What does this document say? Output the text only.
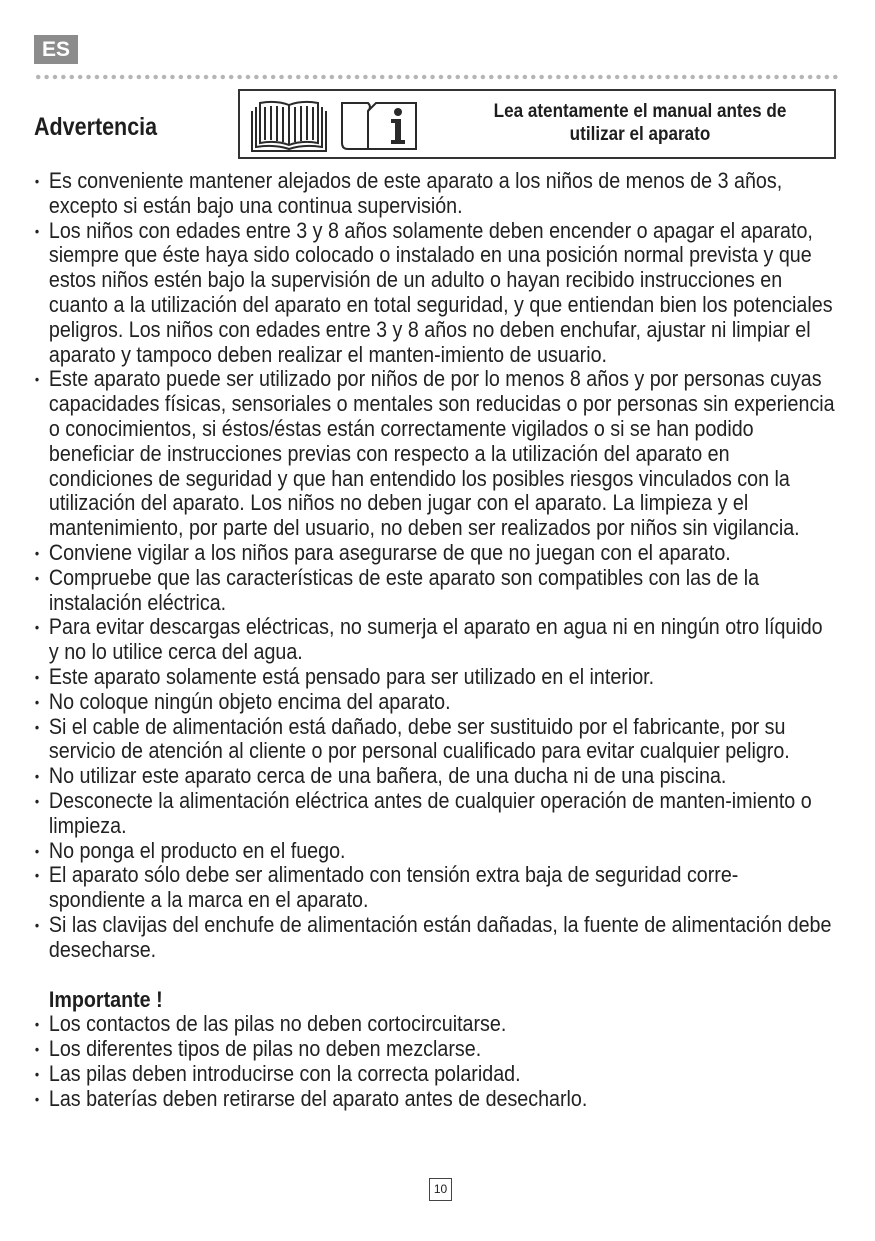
ES
Advertencia
Lea atentamente el manual antes de utilizar el aparato
• Es conveniente mantener alejados de este aparato a los niños de menos de 3 años, excepto si están bajo una continua supervisión.
• Los niños con edades entre 3 y 8 años solamente deben encender o apagar el aparato, siempre que éste haya sido colocado o instalado en una posición normal prevista y que estos niños estén bajo la supervisión de un adulto o hayan recibido instrucciones en cuanto a la utilización del aparato en total seguridad, y que entiendan bien los potenciales peligros. Los niños con edades entre 3 y 8 años no deben enchufar, ajustar ni limpiar el aparato y tampoco deben realizar el manten-imiento de usuario.
• Este aparato puede ser utilizado por niños de por lo menos 8 años y por personas cuyas capacidades físicas, sensoriales o mentales son reducidas o por personas sin experiencia o conocimientos, si éstos/éstas están correctamente vigilados o si se han podido beneficiar de instrucciones previas con respecto a la utilización del aparato en condiciones de seguridad y que han entendido los posibles riesgos vinculados con la utilización del aparato. Los niños no deben jugar con el aparato. La limpieza y el mantenimiento, por parte del usuario, no deben ser realizados por niños sin vigilancia.
• Conviene vigilar a los niños para asegurarse de que no juegan con el aparato.
• Compruebe que las características de este aparato son compatibles con las de la instalación eléctrica.
• Para evitar descargas eléctricas, no sumerja el aparato en agua ni en ningún otro líquido y no lo utilice cerca del agua.
• Este aparato solamente está pensado para ser utilizado en el interior.
• No coloque ningún objeto encima del aparato.
• Si el cable de alimentación está dañado, debe ser sustituido por el fabricante, por su servicio de atención al cliente o por personal cualificado para evitar cualquier peligro.
• No utilizar este aparato cerca de una bañera, de una ducha ni de una piscina.
• Desconecte la alimentación eléctrica antes de cualquier operación de manten-imiento o limpieza.
• No ponga el producto en el fuego.
• El aparato sólo debe ser alimentado con tensión extra baja de seguridad corre-spondiente a la marca en el aparato.
• Si las clavijas del enchufe de alimentación están dañadas, la fuente de alimentación debe desecharse.
Importante !
• Los contactos de las pilas no deben cortocircuitarse.
• Los diferentes tipos de pilas no deben mezclarse.
• Las pilas deben introducirse con la correcta polaridad.
• Las baterías deben retirarse del aparato antes de desecharlo.
10
